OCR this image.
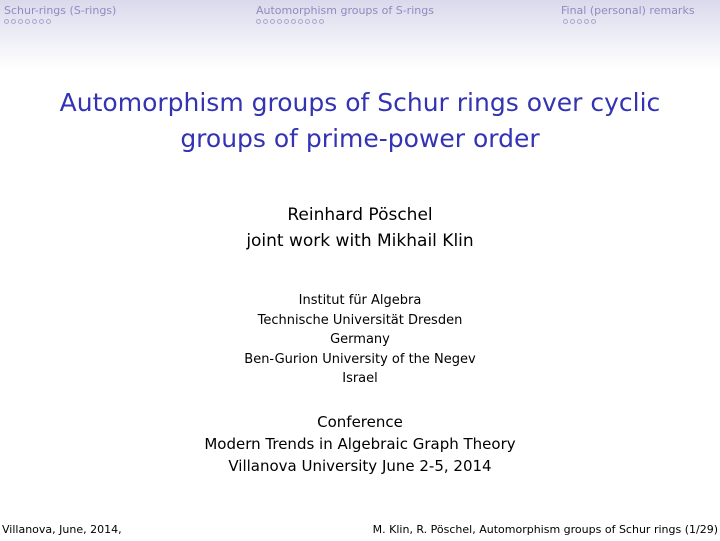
Schur-rings (S-rings)	Automorphism groups of S-rings	Final (personal) remarks
Automorphism groups of Schur rings over cyclic
groups of prime-power order
Reinhard Pöschel
joint work with Mikhail Klin
Institut für Algebra
Technische Universität Dresden
Germany
Ben-Gurion University of the Negev
Israel
Conference
Modern Trends in Algebraic Graph Theory
Villanova University June 2-5, 2014
Villanova, June, 2014,	M. Klin, R. Pöschel, Automorphism groups of Schur rings (1/29)
